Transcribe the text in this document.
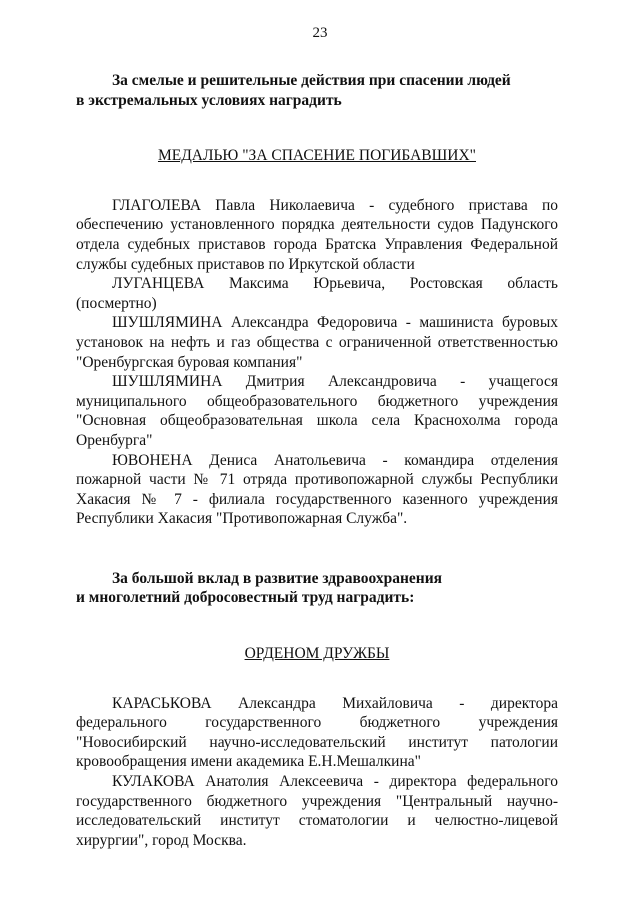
23

За смелые и решительные действия при спасении людей
в экстремальных условиях наградить

МЕДАЛЬЮ "ЗА СПАСЕНИЕ ПОГИБАВШИХ"

ГЛАГОЛЕВА Павла Николаевича - судебного пристава по обеспечению установленного порядка деятельности судов Падунского отдела судебных приставов города Братска Управления Федеральной службы судебных приставов по Иркутской области

ЛУГАНЦЕВА Максима Юрьевича, Ростовская область (посмертно)

ШУШЛЯМИНА Александра Федоровича - машиниста буровых установок на нефть и газ общества с ограниченной ответственностью "Оренбургская буровая компания"

ШУШЛЯМИНА Дмитрия Александровича - учащегося муниципального общеобразовательного бюджетного учреждения "Основная общеобразовательная школа села Краснохолма города Оренбурга"

ЮВОНЕНА Дениса Анатольевича - командира отделения пожарной части № 71 отряда противопожарной службы Республики Хакасия № 7 - филиала государственного казенного учреждения Республики Хакасия "Противопожарная Служба".

За большой вклад в развитие здравоохранения
и многолетний добросовестный труд наградить:

ОРДЕНОМ ДРУЖБЫ

КАРАСЬКОВА Александра Михайловича - директора федерального государственного бюджетного учреждения "Новосибирский научно-исследовательский институт патологии кровообращения имени академика Е.Н.Мешалкина"

КУЛАКОВА Анатолия Алексеевича - директора федерального государственного бюджетного учреждения "Центральный научно-исследовательский институт стоматологии и челюстно-лицевой хирургии", город Москва.
